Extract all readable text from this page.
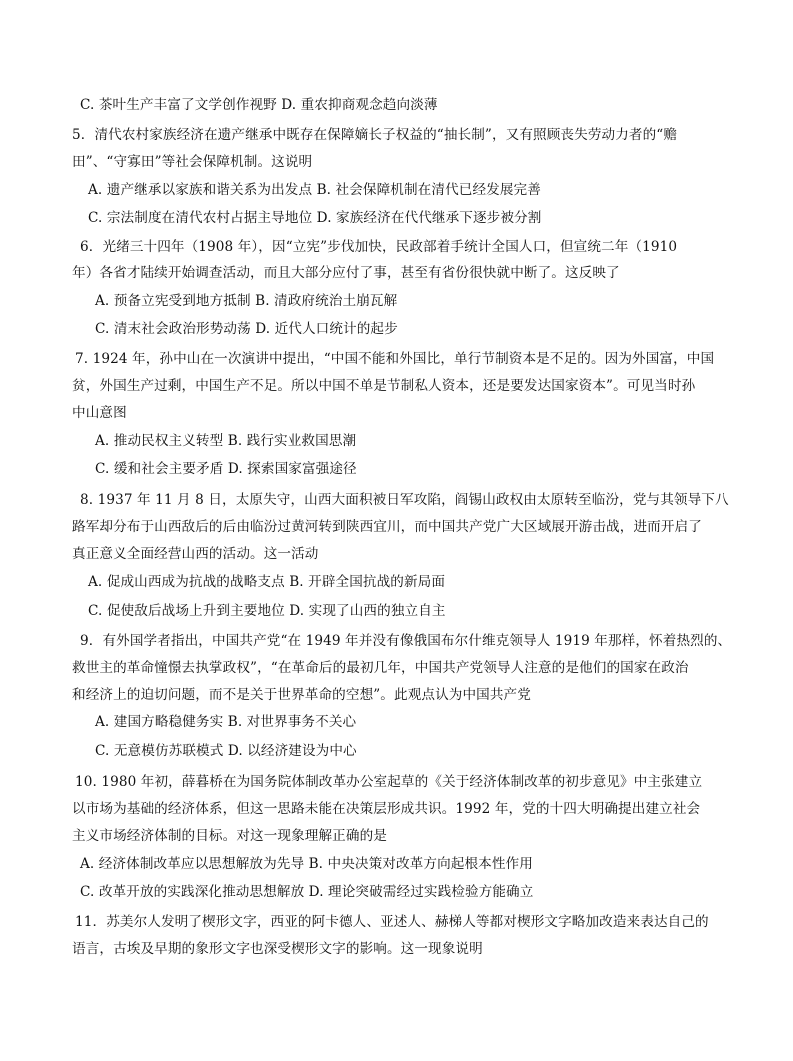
C. 茶叶生产丰富了文学创作视野 D. 重农抑商观念趋向淡薄
5．清代农村家族经济在遗产继承中既存在保障嫡长子权益的“抽长制”，又有照顾丧失劳动力者的“赡
田”、“守寡田”等社会保障机制。这说明
A. 遗产继承以家族和谐关系为出发点 B. 社会保障机制在清代已经发展完善
C. 宗法制度在清代农村占据主导地位 D. 家族经济在代代继承下逐步被分割
6．光绪三十四年（1908 年），因“立宪”步伐加快，民政部着手统计全国人口，但宣统二年（1910
年）各省才陆续开始调查活动，而且大部分应付了事，甚至有省份很快就中断了。这反映了
A. 预备立宪受到地方抵制 B. 清政府统治土崩瓦解
C. 清末社会政治形势动荡 D. 近代人口统计的起步
7. 1924 年，孙中山在一次演讲中提出，“中国不能和外国比，单行节制资本是不足的。因为外国富，中国
贫，外国生产过剩，中国生产不足。所以中国不单是节制私人资本，还是要发达国家资本”。可见当时孙
中山意图
A. 推动民权主义转型 B. 践行实业救国思潮
C. 缓和社会主要矛盾 D. 探索国家富强途径
8. 1937 年 11 月 8 日，太原失守，山西大面积被日军攻陷，阎锡山政权由太原转至临汾，党与其领导下八
路军却分布于山西敌后的后由临汾过黄河转到陕西宜川，而中国共产党广大区域展开游击战，进而开启了
真正意义全面经营山西的活动。这一活动
A. 促成山西成为抗战的战略支点 B. 开辟全国抗战的新局面
C. 促使敌后战场上升到主要地位 D. 实现了山西的独立自主
9．有外国学者指出，中国共产党“在 1949 年并没有像俄国布尔什维克领导人 1919 年那样，怀着热烈的、
救世主的革命憧憬去执掌政权”，“在革命后的最初几年，中国共产党领导人注意的是他们的国家在政治
和经济上的迫切问题，而不是关于世界革命的空想”。此观点认为中国共产党
A. 建国方略稳健务实 B. 对世界事务不关心
C. 无意模仿苏联模式 D. 以经济建设为中心
10. 1980 年初，薛暮桥在为国务院体制改革办公室起草的《关于经济体制改革的初步意见》中主张建立
以市场为基础的经济体系，但这一思路未能在决策层形成共识。1992 年，党的十四大明确提出建立社会
主义市场经济体制的目标。对这一现象理解正确的是
A. 经济体制改革应以思想解放为先导 B. 中央决策对改革方向起根本性作用
C. 改革开放的实践深化推动思想解放 D. 理论突破需经过实践检验方能确立
11．苏美尔人发明了楔形文字，西亚的阿卡德人、亚述人、赫梯人等都对楔形文字略加改造来表达自己的
语言，古埃及早期的象形文字也深受楔形文字的影响。这一现象说明
